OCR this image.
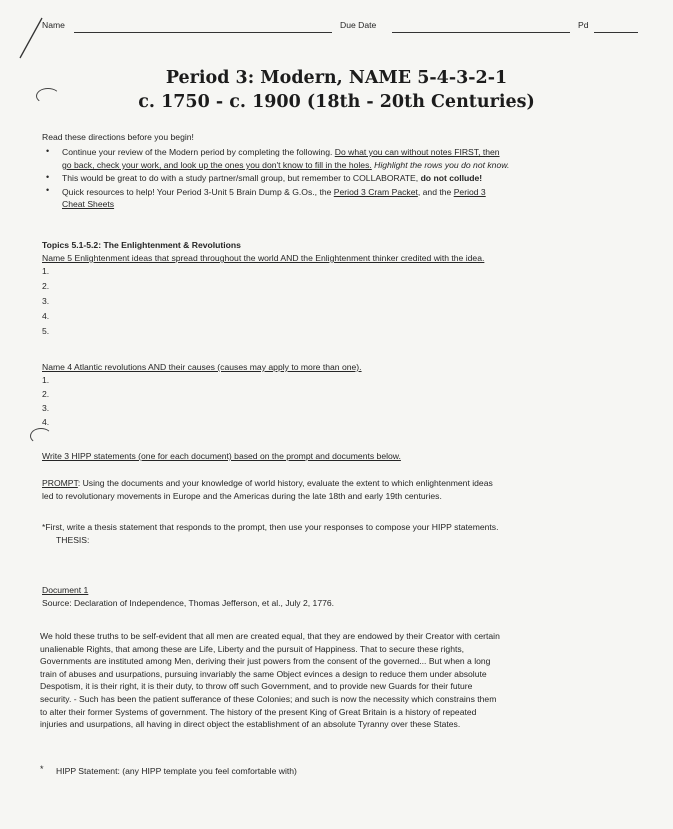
Name	Due Date	Pd
Period 3: Modern, NAME 5-4-3-2-1
c. 1750 - c. 1900 (18th - 20th Centuries)
Read these directions before you begin!
• Continue your review of the Modern period by completing the following. Do what you can without notes FIRST, then
go back, check your work, and look up the ones you don't know to fill in the holes. Highlight the rows you do not know.
• This would be great to do with a study partner/small group, but remember to COLLABORATE, do not collude!
• Quick resources to help! Your Period 3-Unit 5 Brain Dump & G.Os., the Period 3 Cram Packet, and the Period 3
Cheat Sheets
Topics 5.1-5.2: The Enlightenment & Revolutions
Name 5 Enlightenment ideas that spread throughout the world AND the Enlightenment thinker credited with the idea.
1.
2.
3.
4.
5.
Name 4 Atlantic revolutions AND their causes (causes may apply to more than one).
1.
2.
3.
4.
Write 3 HIPP statements (one for each document) based on the prompt and documents below.
PROMPT: Using the documents and your knowledge of world history, evaluate the extent to which enlightenment ideas
led to revolutionary movements in Europe and the Americas during the late 18th and early 19th centuries.
*First, write a thesis statement that responds to the prompt, then use your responses to compose your HIPP statements.
THESIS:
Document 1
Source: Declaration of Independence, Thomas Jefferson, et al., July 2, 1776.
We hold these truths to be self-evident that all men are created equal, that they are endowed by their Creator with certain
unalienable Rights, that among these are Life, Liberty and the pursuit of Happiness. That to secure these rights,
Governments are instituted among Men, deriving their just powers from the consent of the governed... But when a long
train of abuses and usurpations, pursuing invariably the same Object evinces a design to reduce them under absolute
Despotism, it is their right, it is their duty, to throw off such Government, and to provide new Guards for their future
security. - Such has been the patient sufferance of these Colonies; and such is now the necessity which constrains them
to alter their former Systems of government. The history of the present King of Great Britain is a history of repeated
injuries and usurpations, all having in direct object the establishment of an absolute Tyranny over these States.
* HIPP Statement: (any HIPP template you feel comfortable with)
